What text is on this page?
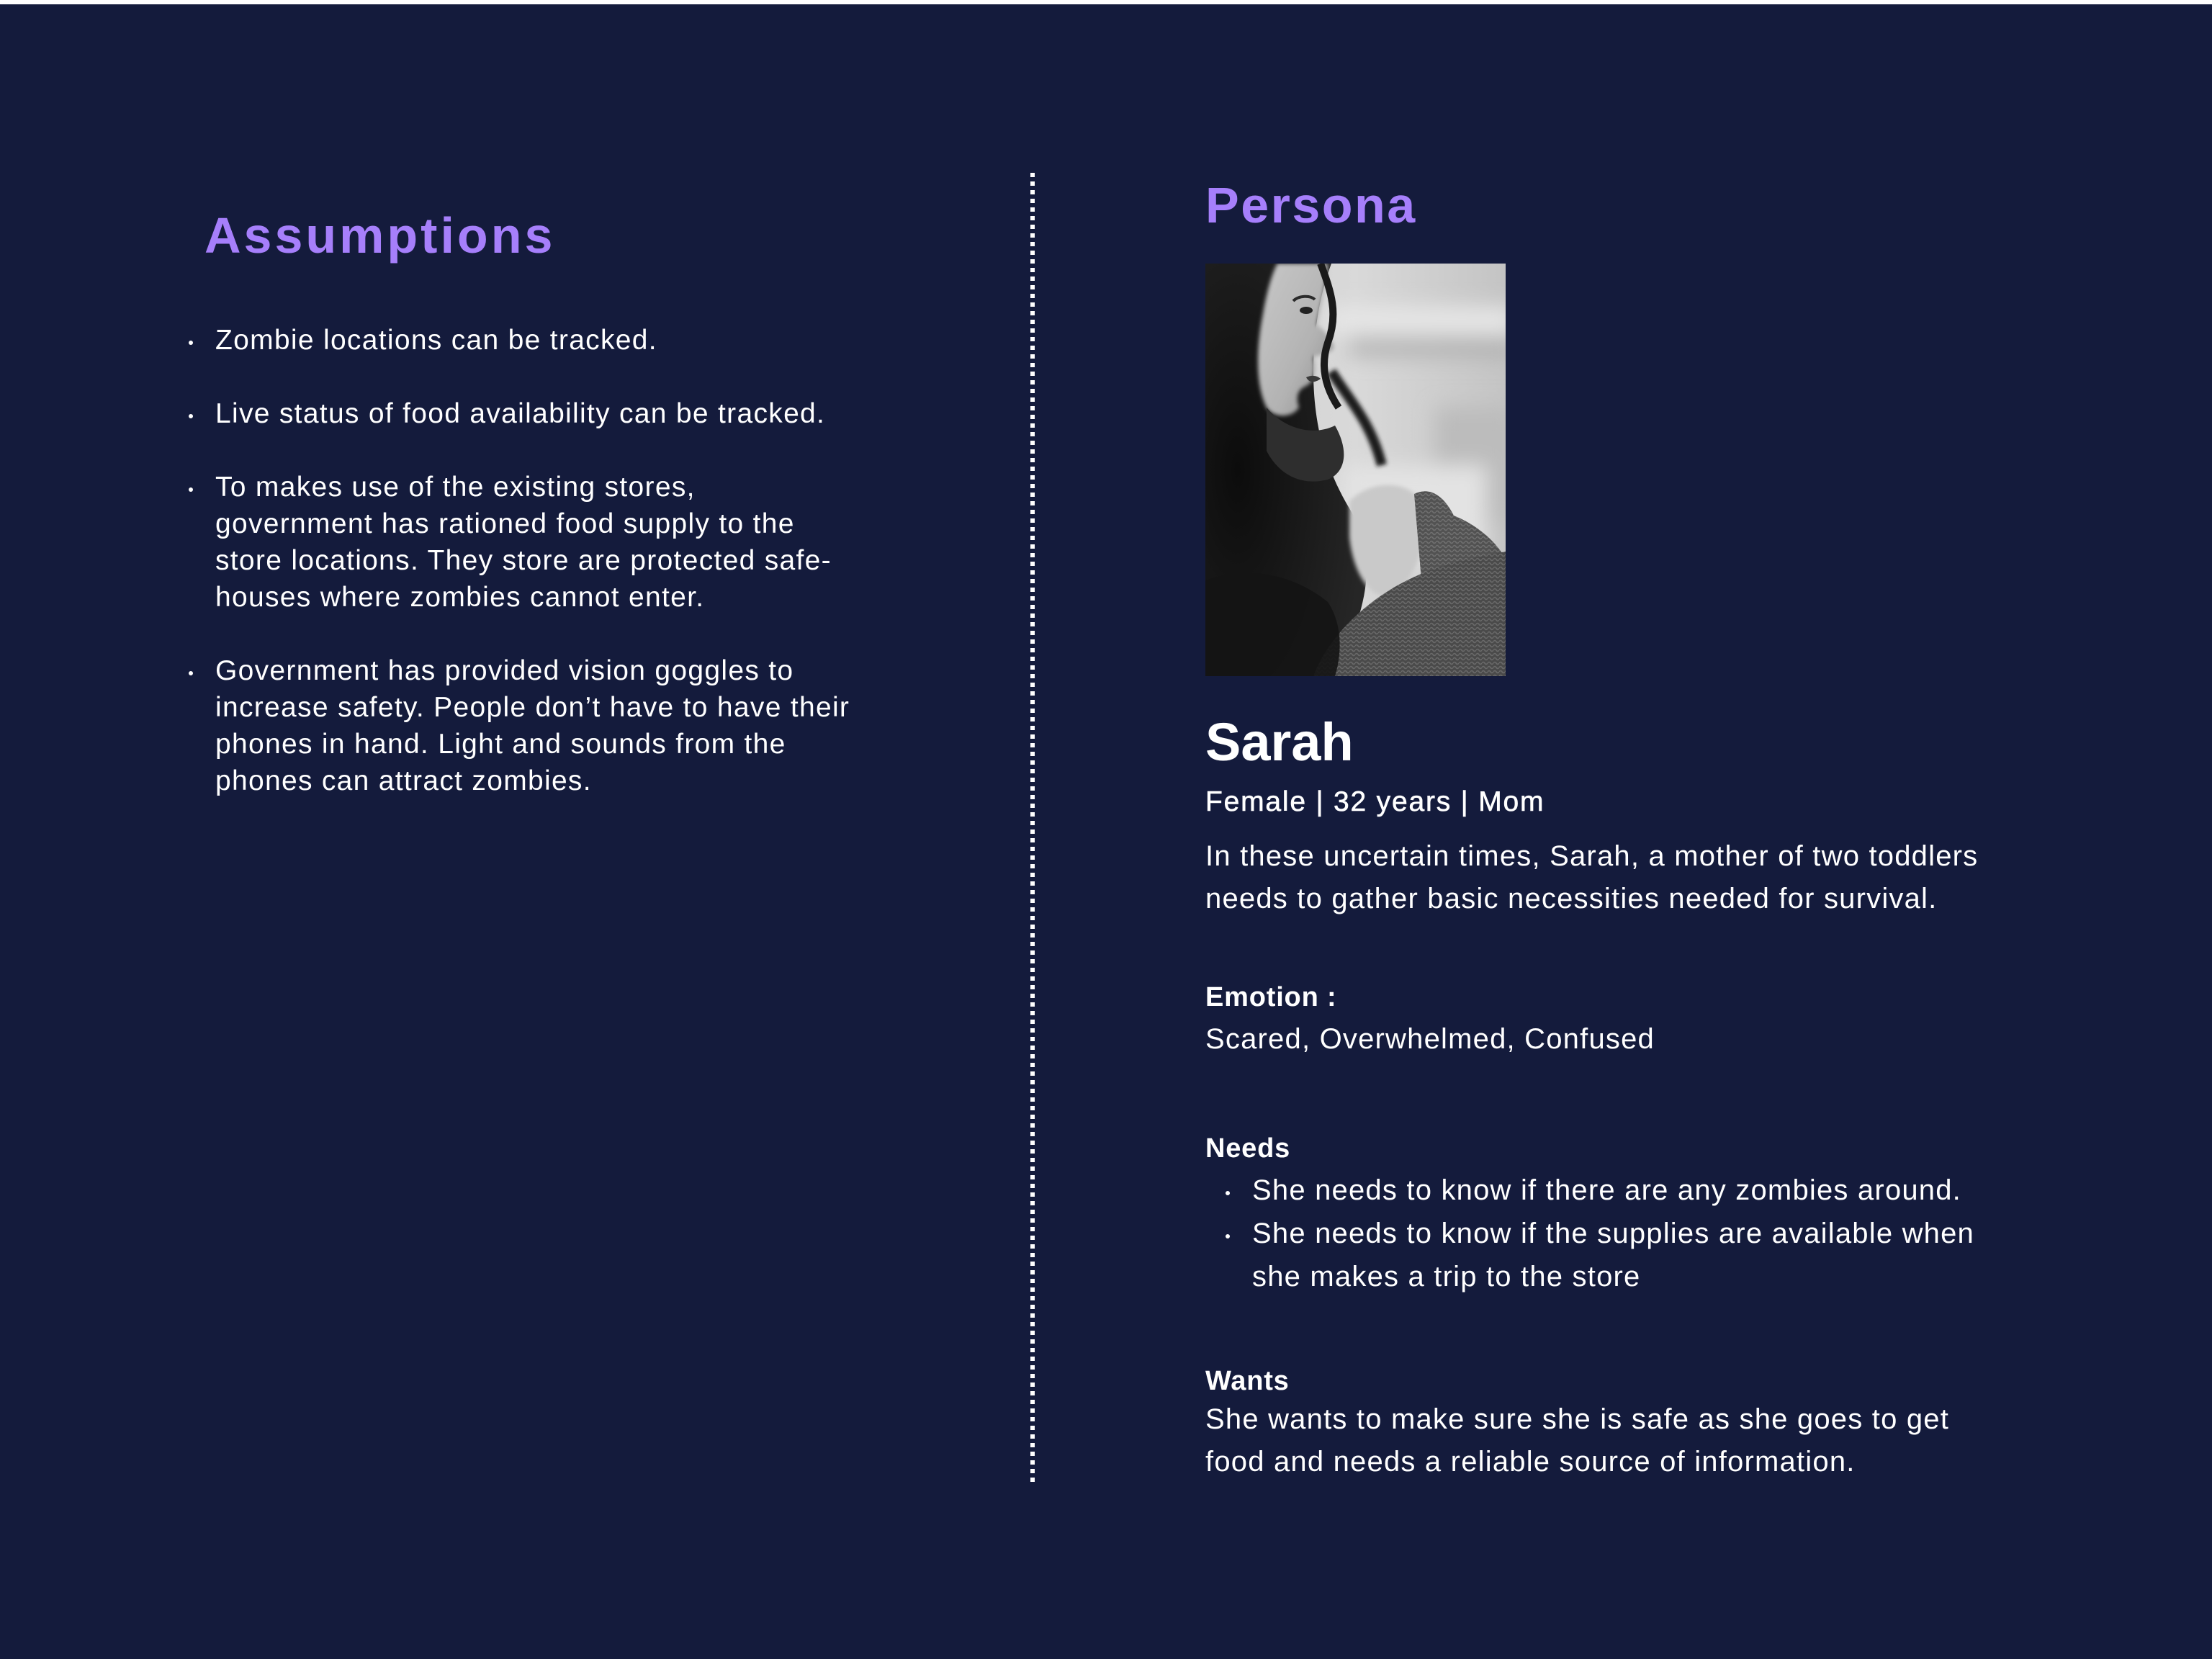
Assumptions
Zombie locations can be tracked.
Live status of food availability can be tracked.
To makes use of the existing stores,
government has rationed food supply to the
store locations. They store are protected safe-
houses where zombies cannot enter.
Government has provided vision goggles to
increase safety. People don’t have to have their
phones in hand. Light and sounds from the
phones can attract zombies.
Persona
Sarah
Female | 32 years | Mom
In these uncertain times, Sarah, a mother of two toddlers
needs to gather basic necessities needed for survival.
Emotion :
Scared, Overwhelmed, Confused
Needs
She needs to know if there are any zombies around.
She needs to know if the supplies are available when
she makes a trip to the store
Wants
She wants to make sure she is safe as she goes to get
food and needs a reliable source of information.
